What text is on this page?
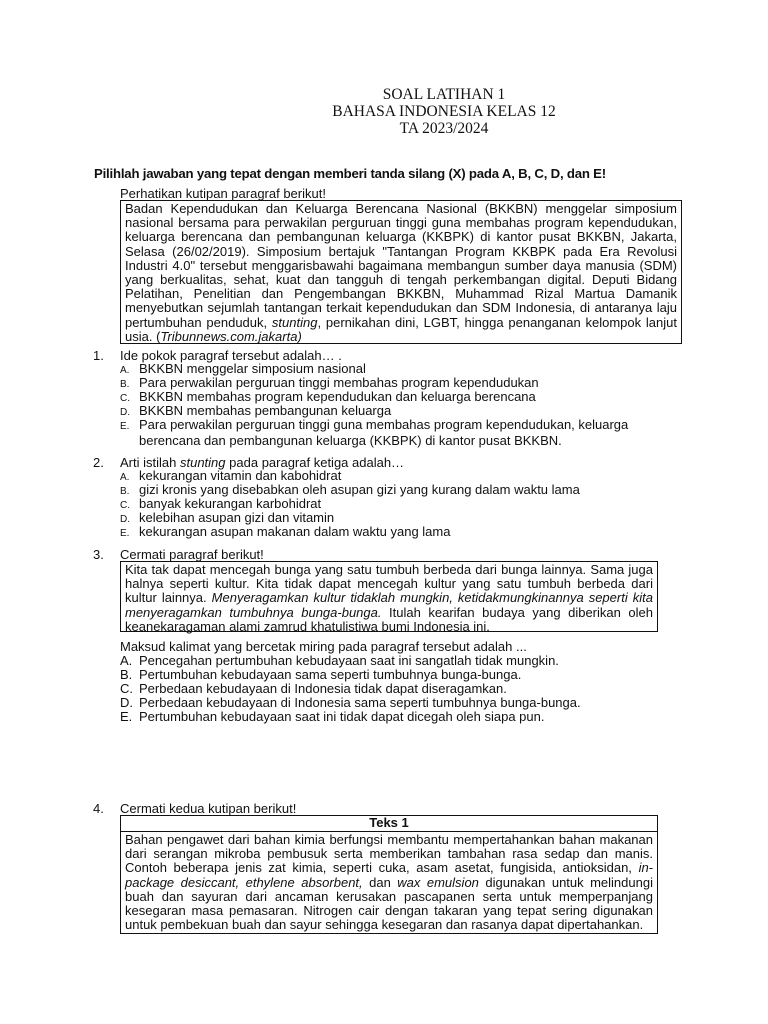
SOAL LATIHAN 1
BAHASA INDONESIA KELAS 12
TA 2023/2024
Pilihlah jawaban yang tepat dengan memberi tanda silang (X) pada A, B, C, D, dan E!
Perhatikan kutipan paragraf berikut!

Badan Kependudukan dan Keluarga Berencana Nasional (BKKBN) menggelar simposium nasional bersama para perwakilan perguruan tinggi guna membahas program kependudukan, keluarga berencana dan pembangunan keluarga (KKBPK) di kantor pusat BKKBN, Jakarta, Selasa (26/02/2019). Simposium bertajuk "Tantangan Program KKBPK pada Era Revolusi Industri 4.0" tersebut menggarisbawahi bagaimana membangun sumber daya manusia (SDM) yang berkualitas, sehat, kuat dan tangguh di tengah perkembangan digital. Deputi Bidang Pelatihan, Penelitian dan Pengembangan BKKBN, Muhammad Rizal Martua Damanik menyebutkan sejumlah tantangan terkait kependudukan dan SDM Indonesia, di antaranya laju pertumbuhan penduduk, stunting, pernikahan dini, LGBT, hingga penanganan kelompok lanjut usia. (Tribunnews.com.jakarta)

1. Ide pokok paragraf tersebut adalah… .
A. BKKBN menggelar simposium nasional
B. Para perwakilan perguruan tinggi membahas program kependudukan
C. BKKBN membahas program kependudukan dan keluarga berencana
D. BKKBN membahas pembangunan keluarga
E. Para perwakilan perguruan tinggi guna membahas program kependudukan, keluarga
berencana dan pembangunan keluarga (KKBPK) di kantor pusat BKKBN.
2. Arti istilah stunting pada paragraf ketiga adalah…
A. kekurangan vitamin dan kabohidrat
B. gizi kronis yang disebabkan oleh asupan gizi yang kurang dalam waktu lama
C. banyak kekurangan karbohidrat
D. kelebihan asupan gizi dan vitamin
E. kekurangan asupan makanan dalam waktu yang lama
3. Cermati paragraf berikut!

Kita tak dapat mencegah bunga yang satu tumbuh berbeda dari bunga lainnya. Sama juga halnya seperti kultur. Kita tidak dapat mencegah kultur yang satu tumbuh berbeda dari kultur lainnya. Menyeragamkan kultur tidaklah mungkin, ketidakmungkinannya seperti kita menyeragamkan tumbuhnya bunga-bunga. Itulah kearifan budaya yang diberikan oleh keanekaragaman alami zamrud khatulistiwa bumi Indonesia ini.

Maksud kalimat yang bercetak miring pada paragraf tersebut adalah ...
A. Pencegahan pertumbuhan kebudayaan saat ini sangatlah tidak mungkin.
B. Pertumbuhan kebudayaan sama seperti tumbuhnya bunga-bunga.
C. Perbedaan kebudayaan di Indonesia tidak dapat diseragamkan.
D. Perbedaan kebudayaan di Indonesia sama seperti tumbuhnya bunga-bunga.
E. Pertumbuhan kebudayaan saat ini tidak dapat dicegah oleh siapa pun.
4. Cermati kedua kutipan berikut!
Teks 1
Bahan pengawet dari bahan kimia berfungsi membantu mempertahankan bahan makanan dari serangan mikroba pembusuk serta memberikan tambahan rasa sedap dan manis. Contoh beberapa jenis zat kimia, seperti cuka, asam asetat, fungisida, antioksidan, in-package desiccant, ethylene absorbent, dan wax emulsion digunakan untuk melindungi buah dan sayuran dari ancaman kerusakan pascapanen serta untuk memperpanjang kesegaran masa pemasaran. Nitrogen cair dengan takaran yang tepat sering digunakan untuk pembekuan buah dan sayur sehingga kesegaran dan rasanya dapat dipertahankan.
